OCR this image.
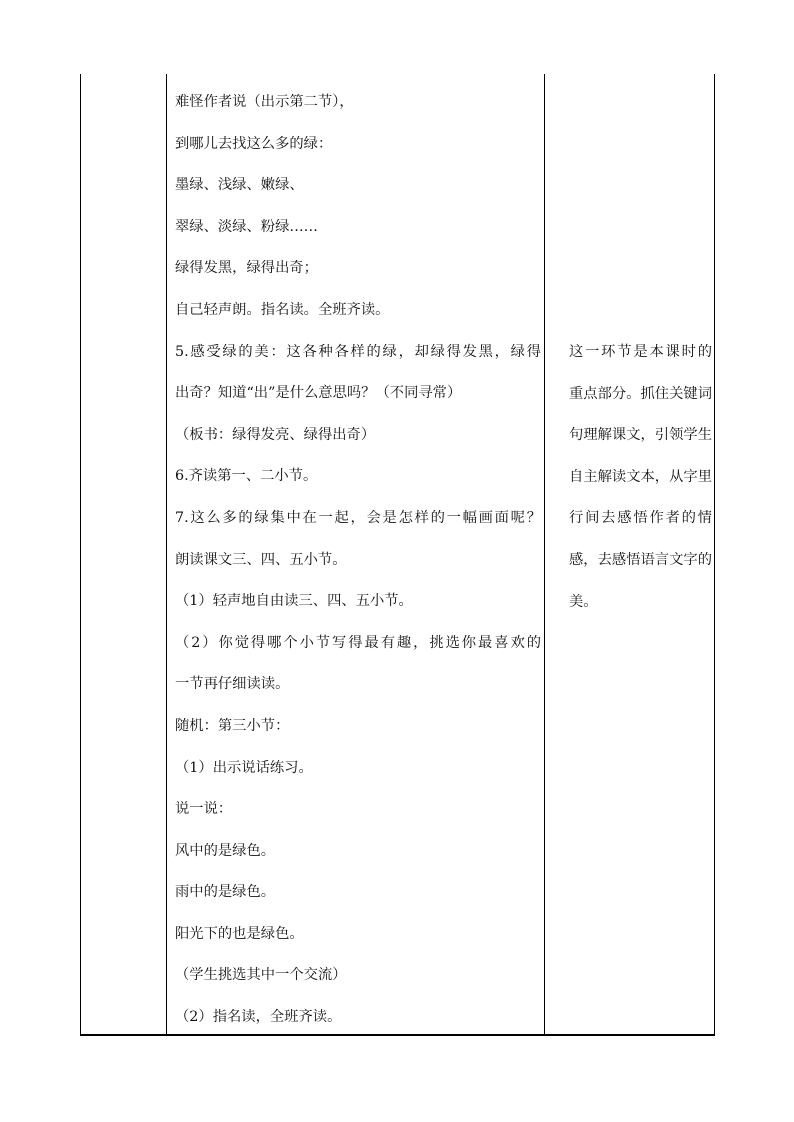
难怪作者说（出示第二节），
到哪儿去找这么多的绿：
墨绿、浅绿、嫩绿、
翠绿、淡绿、粉绿……
绿得发黑，绿得出奇；
自己轻声朗。指名读。全班齐读。
5.感受绿的美：这各种各样的绿，却绿得发黑，绿得
出奇？知道“出”是什么意思吗？（不同寻常）
（板书：绿得发亮、绿得出奇）
6.齐读第一、二小节。
7.这么多的绿集中在一起，会是怎样的一幅画面呢？
朗读课文三、四、五小节。
（1）轻声地自由读三、四、五小节。
（2）你觉得哪个小节写得最有趣，挑选你最喜欢的
一节再仔细读读。
随机：第三小节：
（1）出示说话练习。
说一说：
风中的是绿色。
雨中的是绿色。
阳光下的也是绿色。
（学生挑选其中一个交流）
（2）指名读，全班齐读。
这一环节是本课时的
重点部分。抓住关键词
句理解课文，引领学生
自主解读文本，从字里
行间去感悟作者的情
感，去感悟语言文字的
美。
